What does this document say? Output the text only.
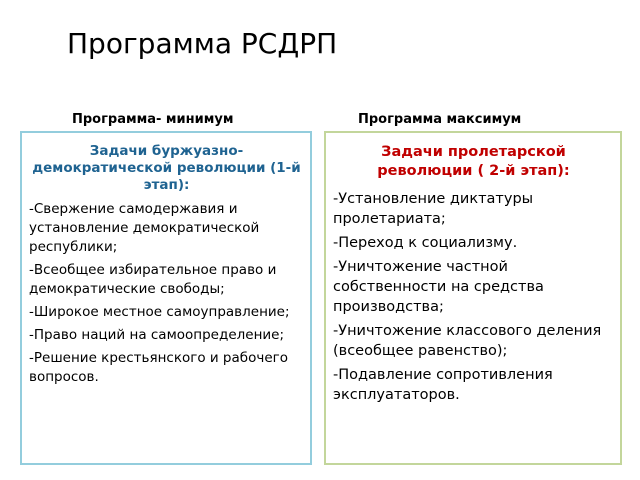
Программа РСДРП
Программа- минимум	Программа максимум
Задачи буржуазно-демократической революции (1-й этап):
-Свержение самодержавия и установление демократической республики;
-Всеобщее избирательное право и демократические свободы;
-Широкое местное самоуправление;
-Право наций на самоопределение;
-Решение крестьянского и рабочего вопросов.
Задачи пролетарской революции ( 2-й этап):
-Установление диктатуры пролетариата;
-Переход к социализму.
-Уничтожение частной собственности на средства производства;
-Уничтожение классового деления (всеобщее равенство);
-Подавление сопротивления эксплуататоров.
